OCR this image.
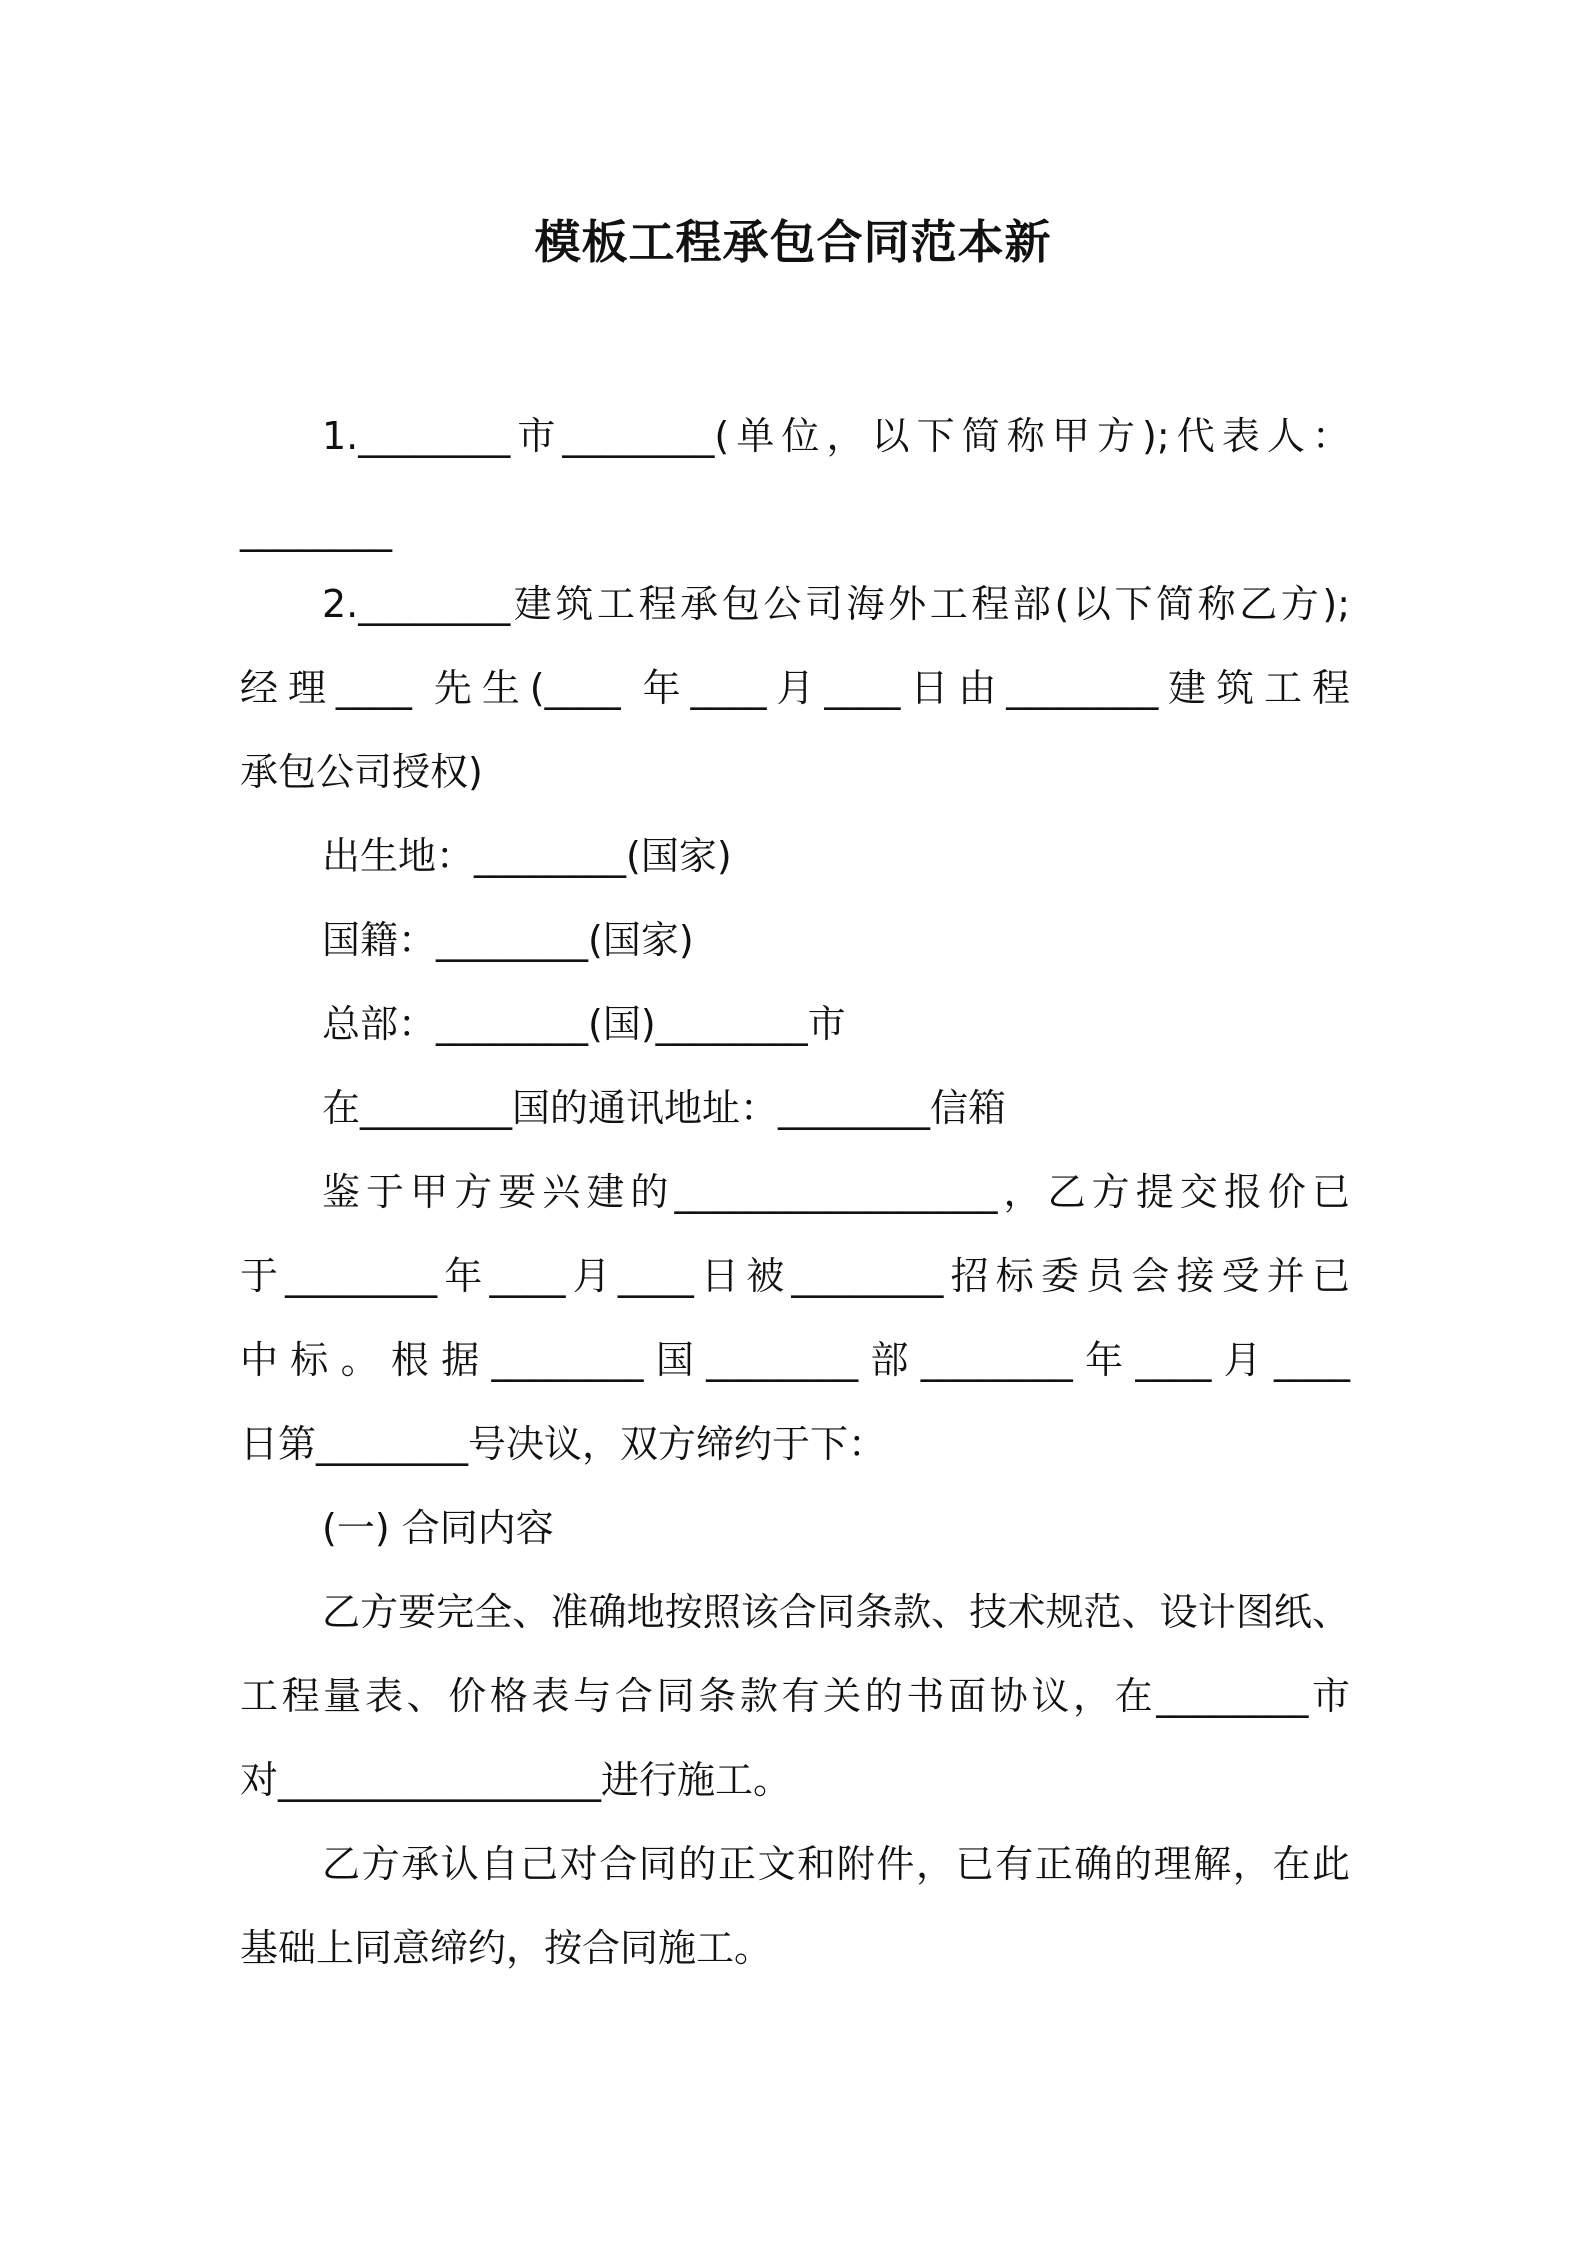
模板工程承包合同范本新
1.________市________(单位，以下简称甲方);代表人：
________
2.________建筑工程承包公司海外工程部(以下简称乙方);
经理____ 先生(____ 年____月____日由________建筑工程
承包公司授权)
出生地：________(国家)
国籍：________(国家)
总部：________(国)________市
在________国的通讯地址：________信箱
鉴于甲方要兴建的_________________，乙方提交报价已
于________年____月____日被________招标委员会接受并已
中标。根据________国________部________年____月____
日第________号决议，双方缔约于下：
(一) 合同内容
乙方要完全、准确地按照该合同条款、技术规范、设计图纸、
工程量表、价格表与合同条款有关的书面协议，在________市
对_________________进行施工。
乙方承认自己对合同的正文和附件，已有正确的理解，在此
基础上同意缔约，按合同施工。
